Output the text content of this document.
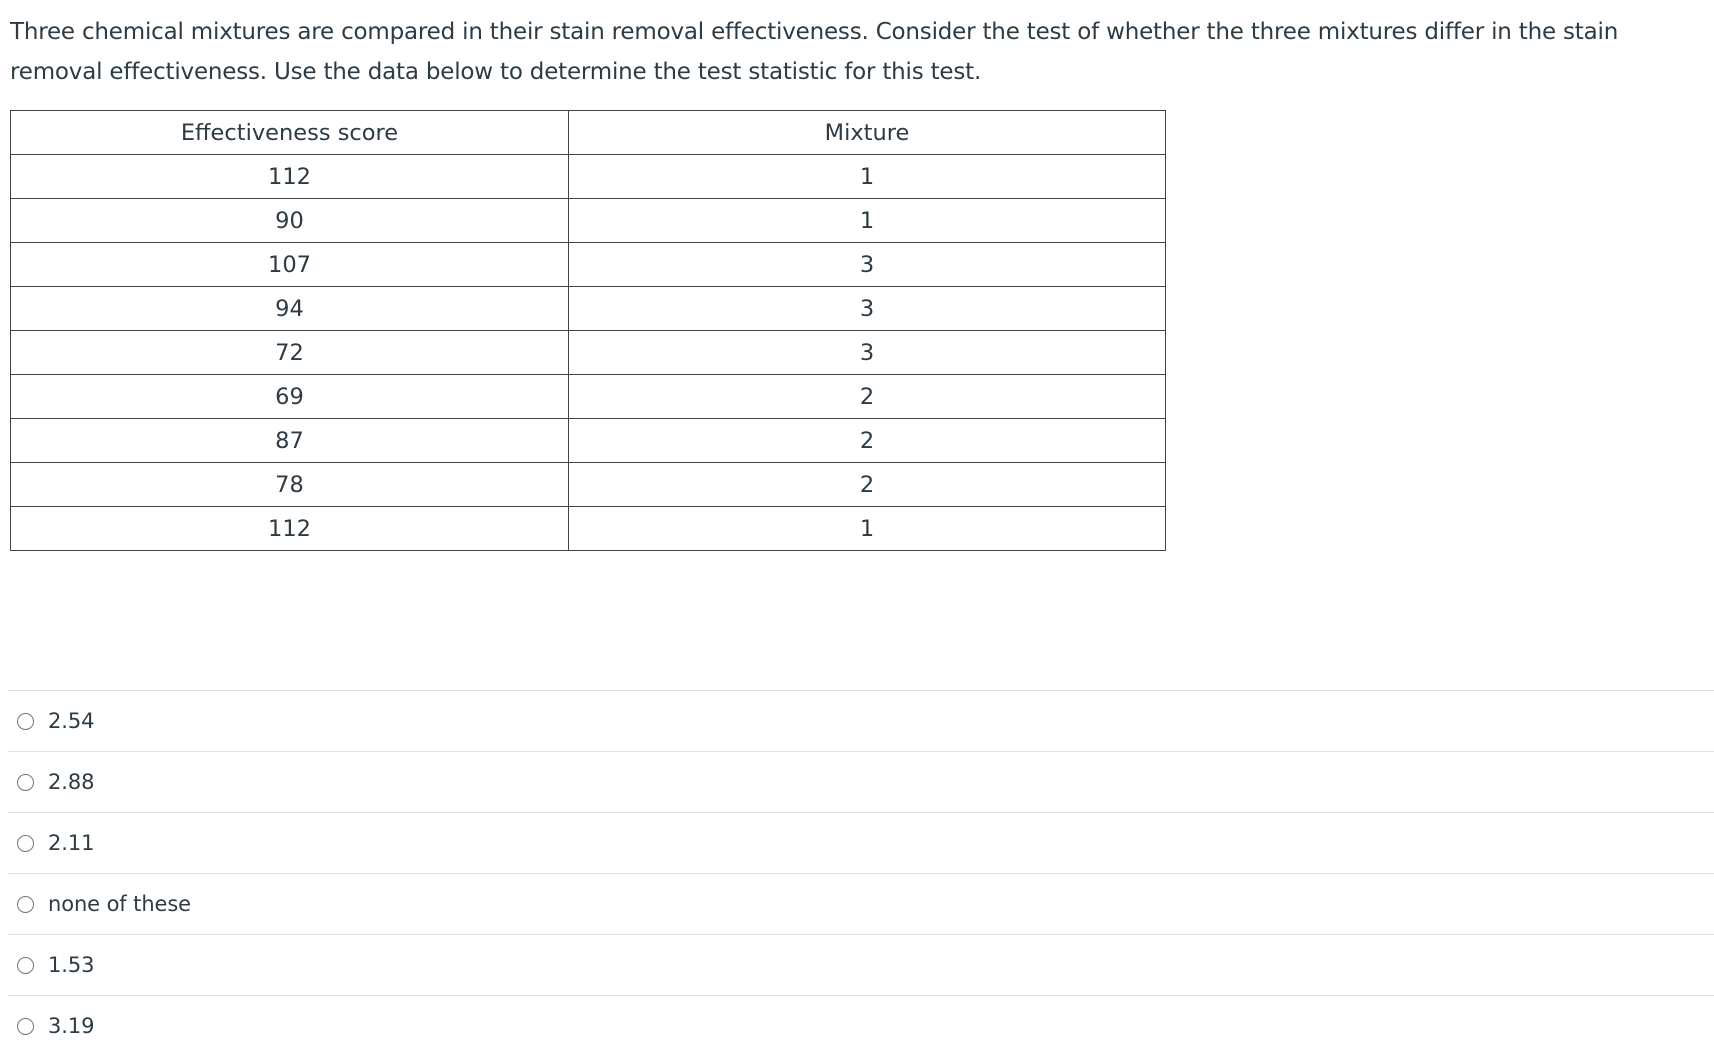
Three chemical mixtures are compared in their stain removal effectiveness. Consider the test of whether the three mixtures differ in the stain removal effectiveness. Use the data below to determine the test statistic for this test.

Effectiveness score	Mixture
112	1
90	1
107	3
94	3
72	3
69	2
87	2
78	2
112	1
2.54
2.88
2.11
none of these
1.53
3.19
